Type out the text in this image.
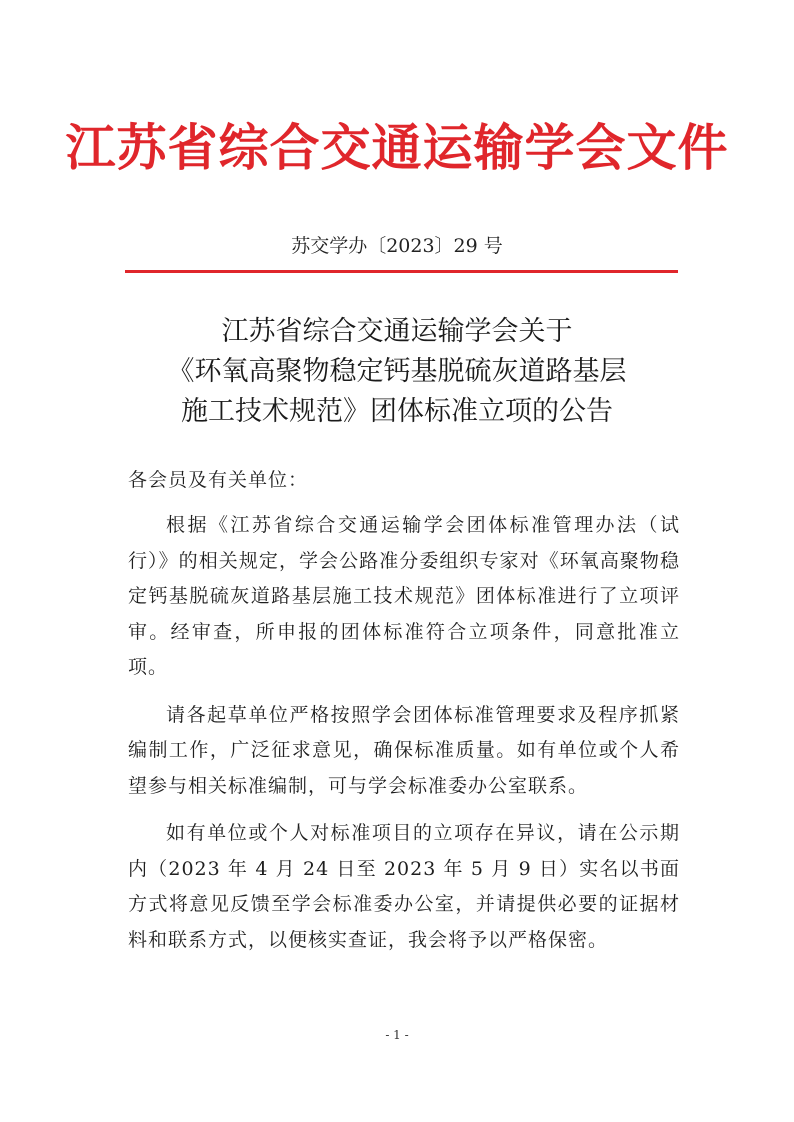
江苏省综合交通运输学会文件
苏交学办〔2023〕29 号
江苏省综合交通运输学会关于
《环氧高聚物稳定钙基脱硫灰道路基层
施工技术规范》团体标准立项的公告
各会员及有关单位：

根据《江苏省综合交通运输学会团体标准管理办法（试行）》的相关规定，学会公路准分委组织专家对《环氧高聚物稳定钙基脱硫灰道路基层施工技术规范》团体标准进行了立项评审。经审查，所申报的团体标准符合立项条件，同意批准立项。

请各起草单位严格按照学会团体标准管理要求及程序抓紧编制工作，广泛征求意见，确保标准质量。如有单位或个人希望参与相关标准编制，可与学会标准委办公室联系。

如有单位或个人对标准项目的立项存在异议，请在公示期内（2023 年 4 月 24 日至 2023 年 5 月 9 日）实名以书面方式将意见反馈至学会标准委办公室，并请提供必要的证据材料和联系方式，以便核实查证，我会将予以严格保密。

- 1 -
